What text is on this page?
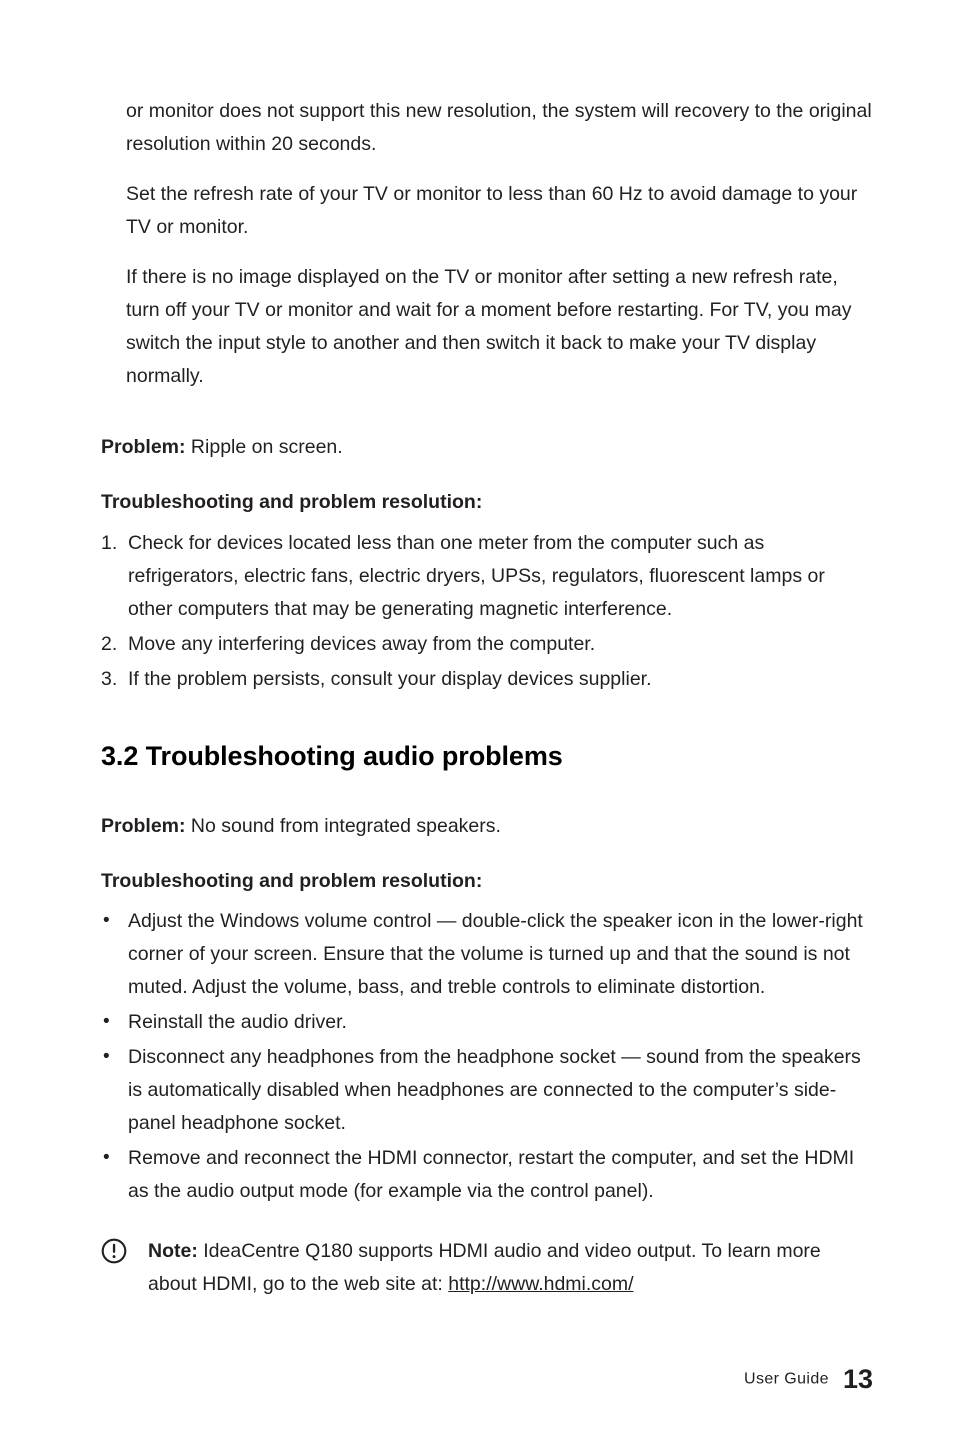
or monitor does not support this new resolution, the system will recovery to the original resolution within 20 seconds.

Set the refresh rate of your TV or monitor to less than 60 Hz to avoid damage to your TV or monitor.

If there is no image displayed on the TV or monitor after setting a new refresh rate, turn off your TV or monitor and wait for a moment before restarting. For TV, you may switch the input style to another and then switch it back to make your TV display normally.

Problem: Ripple on screen.
Troubleshooting and problem resolution:
1. Check for devices located less than one meter from the computer such as refrigerators, electric fans, electric dryers, UPSs, regulators, fluorescent lamps or other computers that may be generating magnetic interference.
2. Move any interfering devices away from the computer.
3. If the problem persists, consult your display devices supplier.
3.2 Troubleshooting audio problems
Problem: No sound from integrated speakers.
Troubleshooting and problem resolution:
• Adjust the Windows volume control — double-click the speaker icon in the lower-right corner of your screen. Ensure that the volume is turned up and that the sound is not muted. Adjust the volume, bass, and treble controls to eliminate distortion.
• Reinstall the audio driver.
• Disconnect any headphones from the headphone socket — sound from the speakers is automatically disabled when headphones are connected to the computer’s side-panel headphone socket.
• Remove and reconnect the HDMI connector, restart the computer, and set the HDMI as the audio output mode (for example via the control panel).
Note: IdeaCentre Q180 supports HDMI audio and video output. To learn more about HDMI, go to the web site at: http://www.hdmi.com/
User Guide 13
